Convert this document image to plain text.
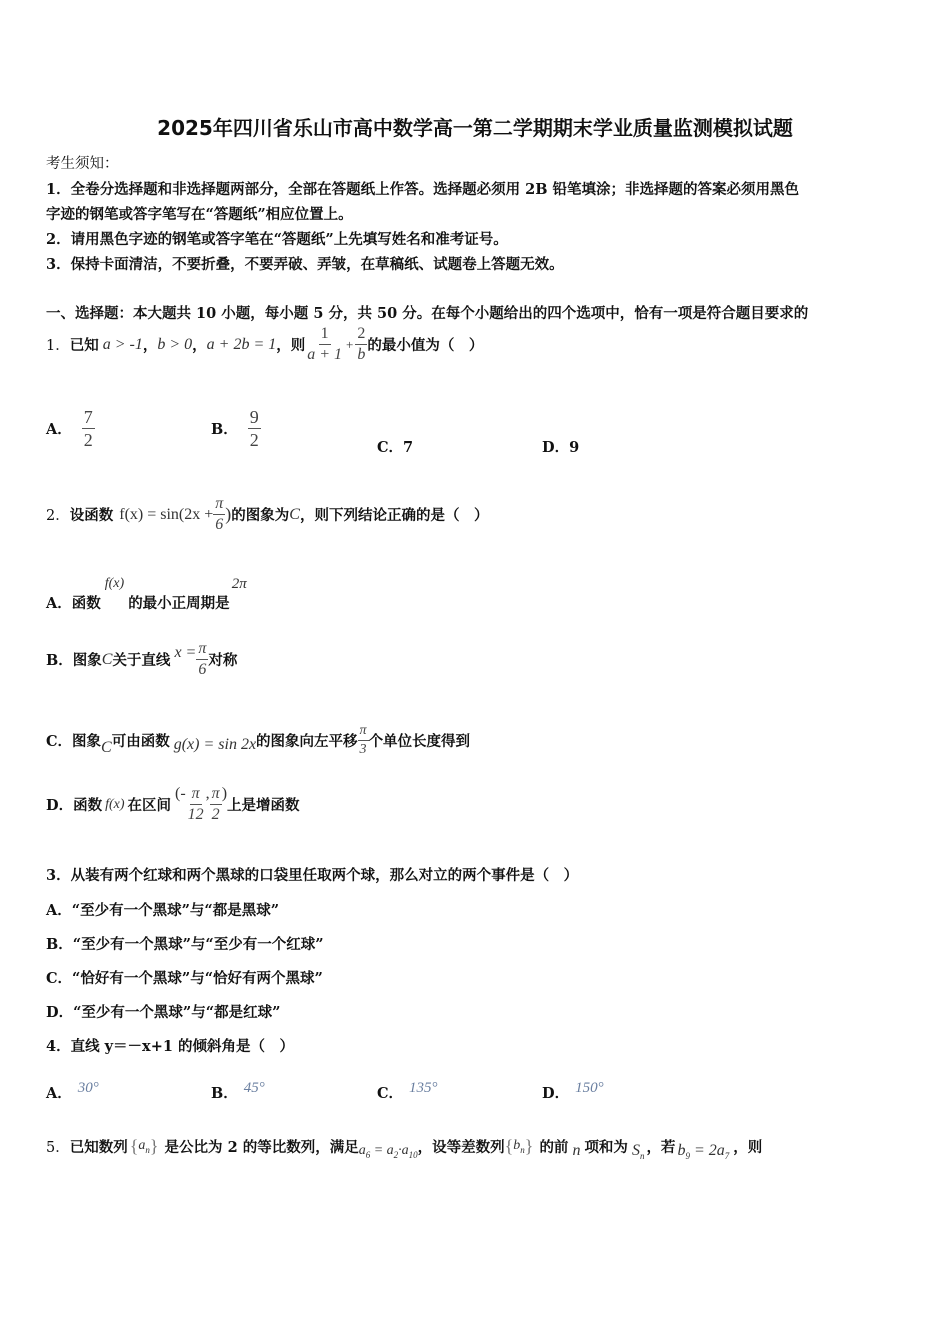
2025年四川省乐山市高中数学高一第二学期期末学业质量监测模拟试题
考生须知：
1．全卷分选择题和非选择题两部分，全部在答题纸上作答。选择题必须用 2B 铅笔填涂；非选择题的答案必须用黑色
字迹的钢笔或答字笔写在“答题纸”相应位置上。
2．请用黑色字迹的钢笔或答字笔在“答题纸”上先填写姓名和准考证号。
3．保持卡面清洁，不要折叠，不要弄破、弄皱，在草稿纸、试题卷上答题无效。
一、选择题：本大题共 10 小题，每小题 5 分，共 50 分。在每个小题给出的四个选项中，恰有一项是符合题目要求的
1． 已知 a > -1 ， b > 0 ， a + 2b = 1 ，则 $\frac{1}{a + 1} + \frac{2}{b}$ 的最小值为（　）
A． $\frac{7}{2}$	B． $\frac{9}{2}$	C．7	D．9
2． 设函数 $f(x) = \sin(2x + \frac{\pi}{6}$ ) 的图象为 C ，则下列结论正确的是（　）
A．函数
f(x)
的最小正周期是
2π
B．图象 C 关于直线 $x = \frac{\pi}{6}$ 对称
C．图象 C 可由函数 g(x) = sin 2x 的图象向左平移 $\frac{\pi}{3}$ 个单位长度得到
D．函数 f(x) 在区间
(- $\frac{\pi}{12}$ , $\frac{\pi}{2}$ )
上是增函数
3．从装有两个红球和两个黑球的口袋里任取两个球，那么对立的两个事件是（　）
A．“至少有一个黑球”与“都是黑球”
B．“至少有一个黑球”与“至少有一个红球”
C．“恰好有一个黑球”与“恰好有两个黑球”
D．“至少有一个黑球”与“都是红球”
4．直线 y＝－x+1 的倾斜角是（　）
A． 30°	B． 45°	C． 135°	D． 150°
5． 已知数列 { $a_n$ } 是公比为 2 的等比数列，满足 $a_6 = a_2\cdot a_{10}$ ，设等差数列 { $b_n$ } 的前 n 项和为 $S_n$
，若 $b_9 = 2a_7$
，则
